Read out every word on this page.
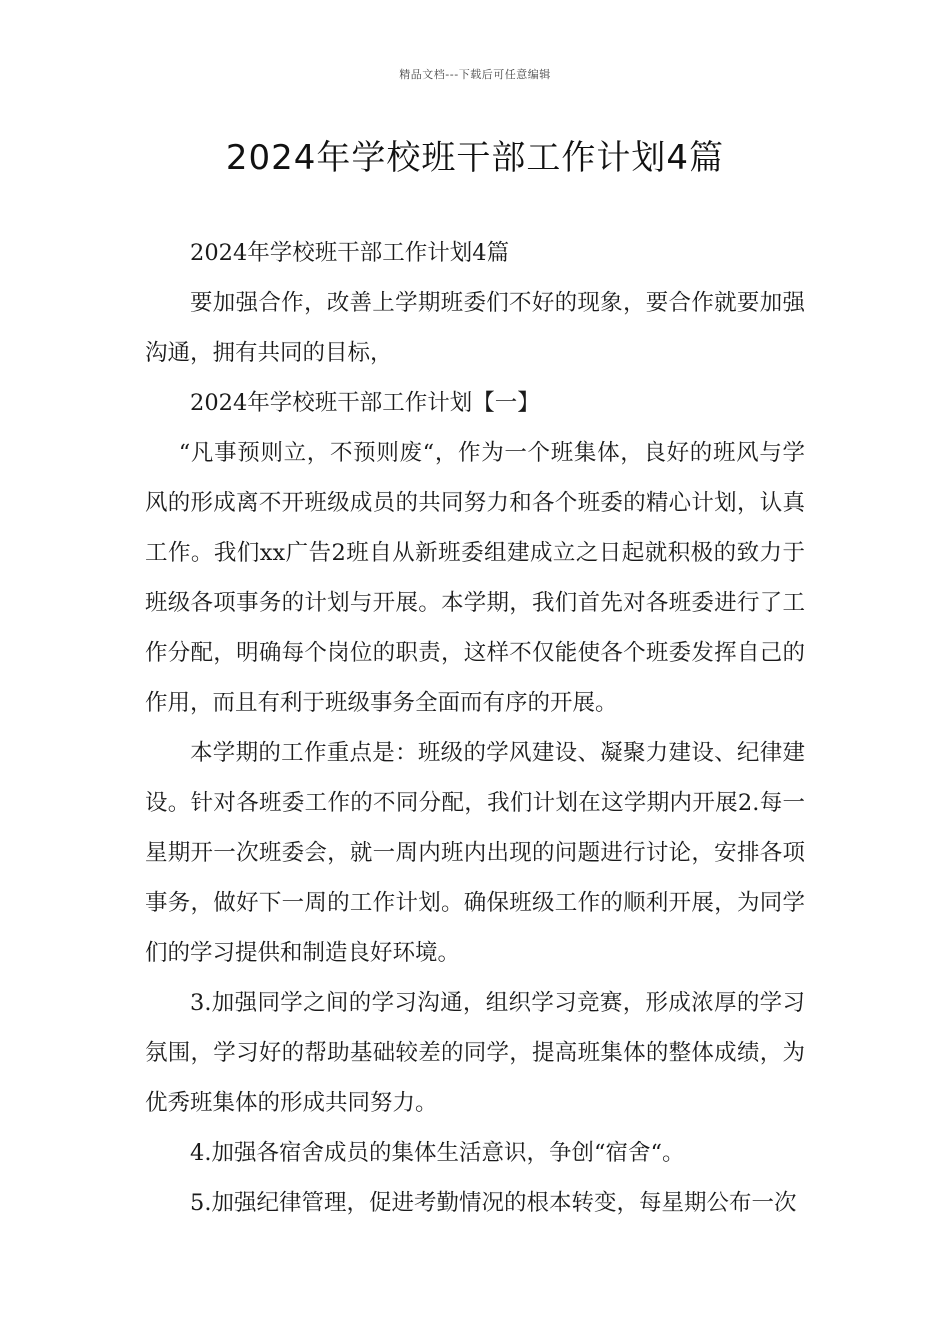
精品文档---下载后可任意编辑
2024年学校班干部工作计划4篇

2024年学校班干部工作计划4篇

要加强合作，改善上学期班委们不好的现象，要合作就要加强沟通，拥有共同的目标，

2024年学校班干部工作计划【一】

“凡事预则立，不预则废“，作为一个班集体，良好的班风与学风的形成离不开班级成员的共同努力和各个班委的精心计划，认真工作。我们xx广告2班自从新班委组建成立之日起就积极的致力于班级各项事务的计划与开展。本学期，我们首先对各班委进行了工作分配，明确每个岗位的职责，这样不仅能使各个班委发挥自己的作用，而且有利于班级事务全面而有序的开展。

本学期的工作重点是：班级的学风建设、凝聚力建设、纪律建设。针对各班委工作的不同分配，我们计划在这学期内开展2.每一星期开一次班委会，就一周内班内出现的问题进行讨论，安排各项事务，做好下一周的工作计划。确保班级工作的顺利开展，为同学们的学习提供和制造良好环境。

3.加强同学之间的学习沟通，组织学习竞赛，形成浓厚的学习氛围，学习好的帮助基础较差的同学，提高班集体的整体成绩，为优秀班集体的形成共同努力。

4.加强各宿舍成员的集体生活意识，争创“宿舍“。

5.加强纪律管理，促进考勤情况的根本转变，每星期公布一次
